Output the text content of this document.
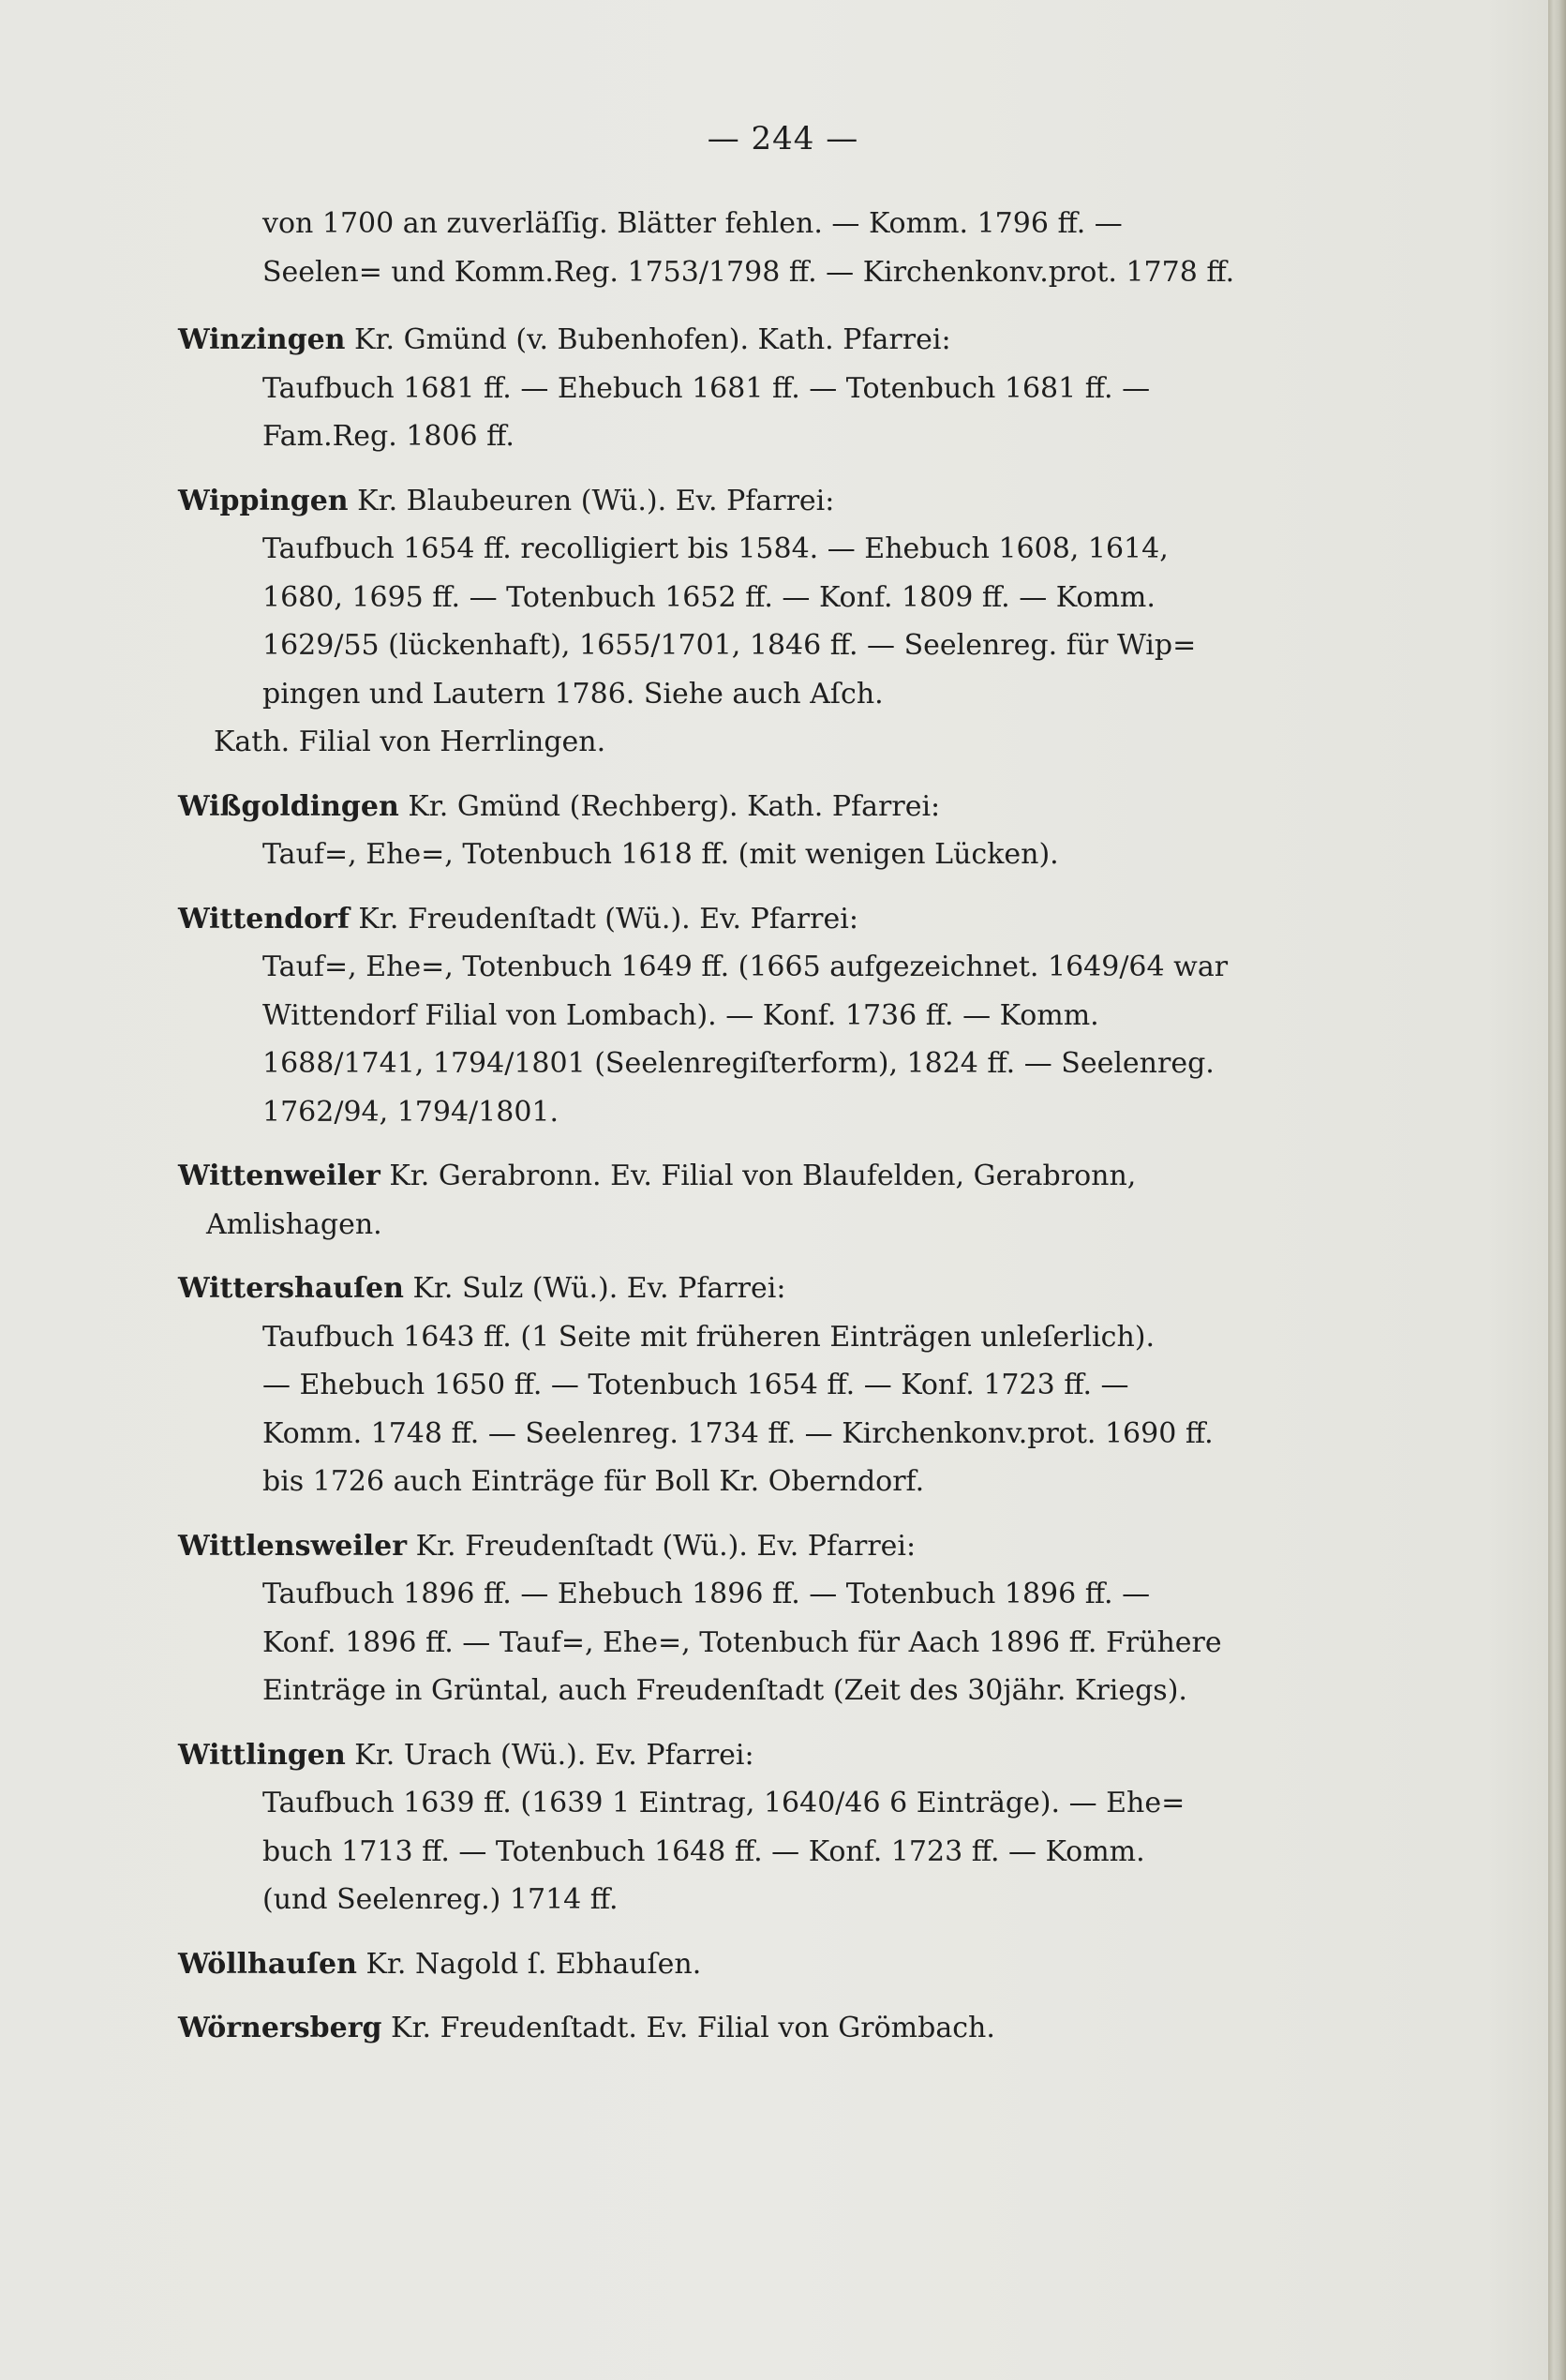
— 244 —
von 1700 an zuverläſſig. Blätter fehlen. — Komm. 1796 ff. —
Seelen= und Komm.Reg. 1753/1798 ff. — Kirchenkonv.prot. 1778 ff.
Winzingen Kr. Gmünd (v. Bubenhofen). Kath. Pfarrei:
Taufbuch 1681 ff. — Ehebuch 1681 ff. — Totenbuch 1681 ff. —
Fam.Reg. 1806 ff.
Wippingen Kr. Blaubeuren (Wü.). Ev. Pfarrei:
Taufbuch 1654 ff. recolligiert bis 1584. — Ehebuch 1608, 1614,
1680, 1695 ff. — Totenbuch 1652 ff. — Konf. 1809 ff. — Komm.
1629/55 (lückenhaft), 1655/1701, 1846 ff. — Seelenreg. für Wip=
pingen und Lautern 1786. Siehe auch Aſch.
Kath. Filial von Herrlingen.
Wißgoldingen Kr. Gmünd (Rechberg). Kath. Pfarrei:
Tauf=, Ehe=, Totenbuch 1618 ff. (mit wenigen Lücken).
Wittendorf Kr. Freudenſtadt (Wü.). Ev. Pfarrei:
Tauf=, Ehe=, Totenbuch 1649 ff. (1665 aufgezeichnet. 1649/64 war
Wittendorf Filial von Lombach). — Konf. 1736 ff. — Komm.
1688/1741, 1794/1801 (Seelenregiſterform), 1824 ff. — Seelenreg.
1762/94, 1794/1801.
Wittenweiler Kr. Gerabronn. Ev. Filial von Blaufelden, Gerabronn,
Amlishagen.
Wittershauſen Kr. Sulz (Wü.). Ev. Pfarrei:
Taufbuch 1643 ff. (1 Seite mit früheren Einträgen unleſerlich).
— Ehebuch 1650 ff. — Totenbuch 1654 ff. — Konf. 1723 ff. —
Komm. 1748 ff. — Seelenreg. 1734 ff. — Kirchenkonv.prot. 1690 ff.
bis 1726 auch Einträge für Boll Kr. Oberndorf.
Wittlensweiler Kr. Freudenſtadt (Wü.). Ev. Pfarrei:
Taufbuch 1896 ff. — Ehebuch 1896 ff. — Totenbuch 1896 ff. —
Konf. 1896 ff. — Tauf=, Ehe=, Totenbuch für Aach 1896 ff. Frühere
Einträge in Grüntal, auch Freudenſtadt (Zeit des 30jähr. Kriegs).
Wittlingen Kr. Urach (Wü.). Ev. Pfarrei:
Taufbuch 1639 ff. (1639 1 Eintrag, 1640/46 6 Einträge). — Ehe=
buch 1713 ff. — Totenbuch 1648 ff. — Konf. 1723 ff. — Komm.
(und Seelenreg.) 1714 ff.
Wöllhauſen Kr. Nagold ſ. Ebhauſen.
Wörnersberg Kr. Freudenſtadt. Ev. Filial von Grömbach.
